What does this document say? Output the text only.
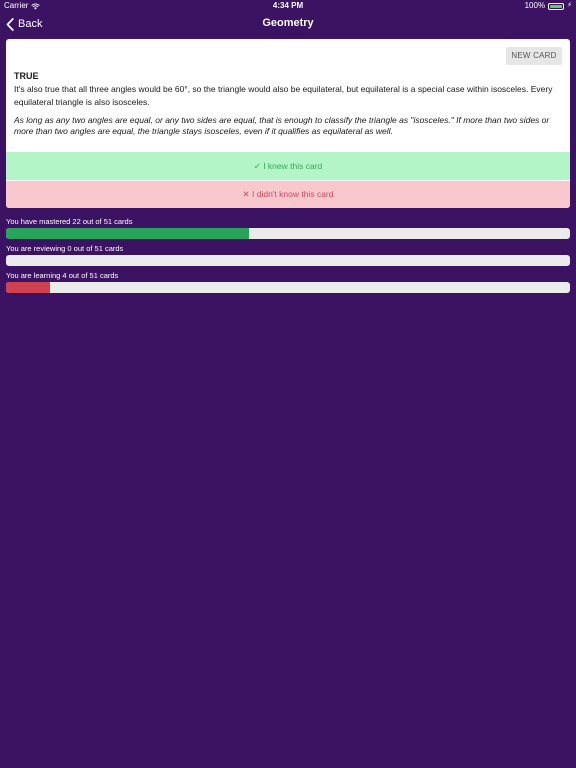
Carrier	4:34 PM	100%	⚡
Back	Geometry
NEW CARD

TRUE

It's also true that all three angles would be 60°, so the triangle would also be equilateral, but equilateral is a special case within isosceles. Every equilateral triangle is also isosceles.

As long as any two angles are equal, or any two sides are equal, that is enough to classify the triangle as "isosceles." If more than two sides or more than two angles are equal, the triangle stays isosceles, even if it qualifies as equilateral as well.

✓ I knew this card
✕ I didn't know this card
You have mastered 22 out of 51 cards
You are reviewing 0 out of 51 cards
You are learning 4 out of 51 cards
